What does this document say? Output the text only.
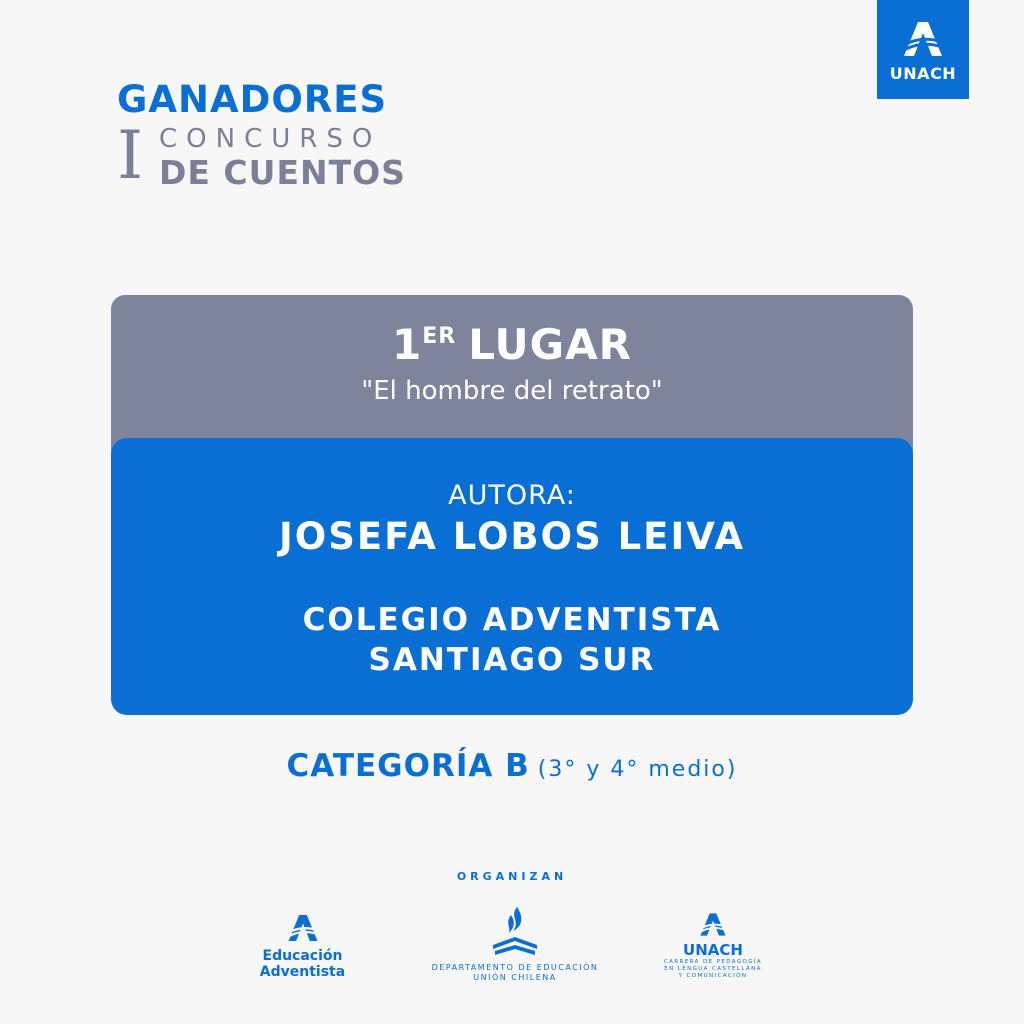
UNACH
GANADORES
I CONCURSO
DE CUENTOS
1ER LUGAR
"El hombre del retrato"
AUTORA:
JOSEFA LOBOS LEIVA
COLEGIO ADVENTISTA
SANTIAGO SUR
CATEGORÍA B (3° y 4° medio)
ORGANIZAN
Educación
Adventista	DEPARTAMENTO DE EDUCACIÓN
UNIÓN CHILENA
UNACH
CARRERA DE PEDAGOGÍA
EN LENGUA CASTELLANA
Y COMUNICACIÓN
